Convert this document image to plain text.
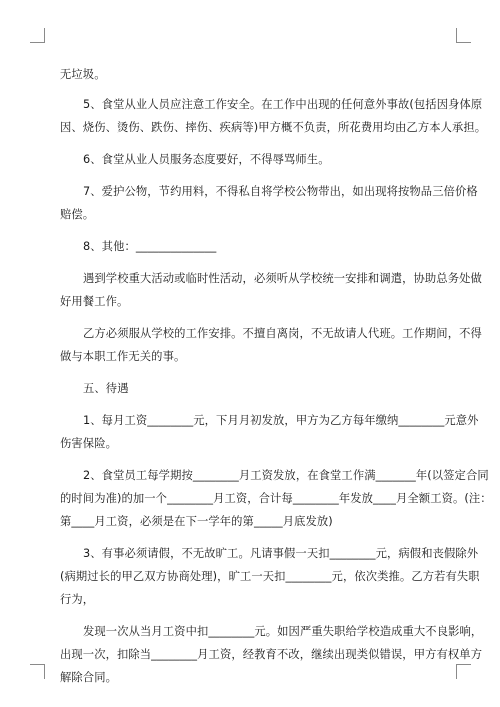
无垃圾。
5、食堂从业人员应注意工作安全。在工作中出现的任何意外事故(包括因身体原
因、烧伤、烫伤、跌伤、摔伤、疾病等)甲方概不负责，所花费用均由乙方本人承担。
6、食堂从业人员服务态度要好，不得辱骂师生。
7、爱护公物，节约用料，不得私自将学校公物带出，如出现将按物品三倍价格
赔偿。
8、其他：______________
遇到学校重大活动或临时性活动，必须听从学校统一安排和调遣，协助总务处做
好用餐工作。
乙方必须服从学校的工作安排。不擅自离岗，不无故请人代班。工作期间，不得
做与本职工作无关的事。
五、待遇
1、每月工资________元，下月月初发放，甲方为乙方每年缴纳________元意外
伤害保险。
2、食堂员工每学期按________月工资发放，在食堂工作满_______年(以签定合同
的时间为准)的加一个________月工资，合计每________年发放____月全额工资。(注：
第____月工资，必须是在下一学年的第_____月底发放)
3、有事必须请假，不无故旷工。凡请事假一天扣________元，病假和丧假除外
(病期过长的甲乙双方协商处理)，旷工一天扣________元，依次类推。乙方若有失职
行为，
发现一次从当月工资中扣________元。如因严重失职给学校造成重大不良影响，
出现一次，扣除当________月工资，经教育不改，继续出现类似错误，甲方有权单方
解除合同。
